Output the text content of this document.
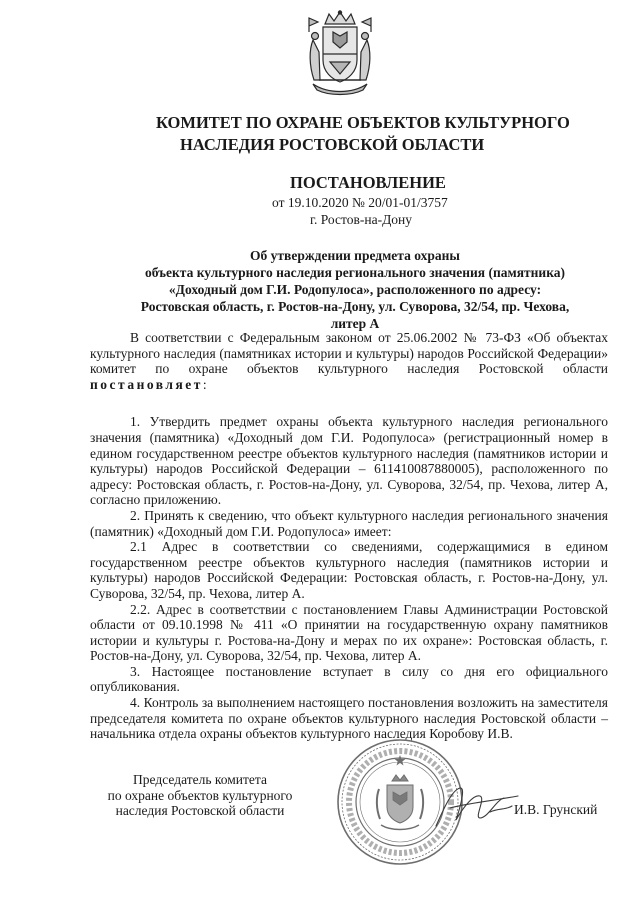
КОМИТЕТ ПО ОХРАНЕ ОБЪЕКТОВ КУЛЬТУРНОГО
НАСЛЕДИЯ РОСТОВСКОЙ ОБЛАСТИ
ПОСТАНОВЛЕНИЕ
от 19.10.2020 № 20/01-01/3757
г. Ростов-на-Дону
Об утверждении предмета охраны
объекта культурного наследия регионального значения (памятника)
«Доходный дом Г.И. Родопулоса», расположенного по адресу:
Ростовская область, г. Ростов-на-Дону, ул. Суворова, 32/54, пр. Чехова,
литер А

В соответствии с Федеральным законом от 25.06.2002 № 73-ФЗ «Об объектах культурного наследия (памятниках истории и культуры) народов Российской Федерации» комитет по охране объектов культурного наследия Ростовской области постановляет:

1. Утвердить предмет охраны объекта культурного наследия регионального значения (памятника) «Доходный дом Г.И. Родопулоса» (регистрационный номер в едином государственном реестре объектов культурного наследия (памятников истории и культуры) народов Российской Федерации – 611410087880005), расположенного по адресу: Ростовская область, г. Ростов-на-Дону, ул. Суворова, 32/54, пр. Чехова, литер А, согласно приложению.

2. Принять к сведению, что объект культурного наследия регионального значения (памятник) «Доходный дом Г.И. Родопулоса» имеет:

2.1 Адрес в соответствии со сведениями, содержащимися в едином государственном реестре объектов культурного наследия (памятников истории и культуры) народов Российской Федерации: Ростовская область, г. Ростов-на-Дону, ул. Суворова, 32/54, пр. Чехова, литер А.

2.2. Адрес в соответствии с постановлением Главы Администрации Ростовской области от 09.10.1998 № 411 «О принятии на государственную охрану памятников истории и культуры г. Ростова-на-Дону и мерах по их охране»: Ростовская область, г. Ростов-на-Дону, ул. Суворова, 32/54, пр. Чехова, литер А.

3. Настоящее постановление вступает в силу со дня его официального опубликования.

4. Контроль за выполнением настоящего постановления возложить на заместителя председателя комитета по охране объектов культурного наследия Ростовской области – начальника отдела охраны объектов культурного наследия Коробову И.В.

Председатель комитета
по охране объектов культурного
наследия Ростовской области	И.В. Грунский
